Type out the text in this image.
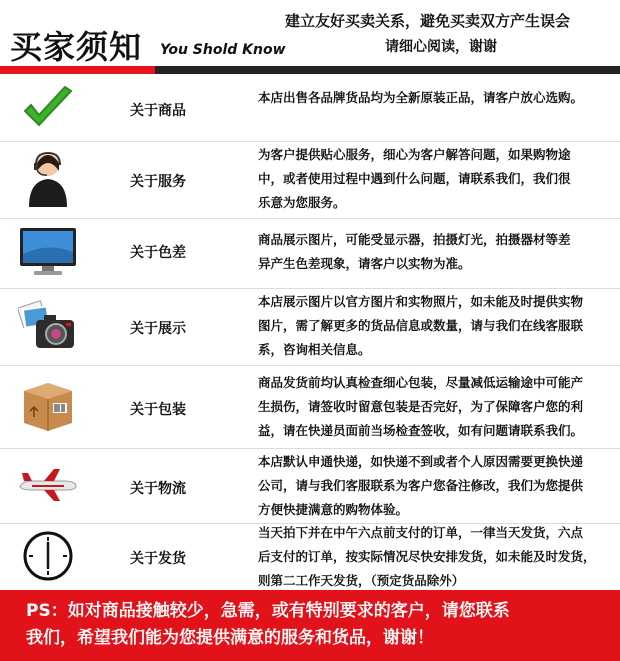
买家须知 You Shold Know
建立友好买卖关系，避免买卖双方产生误会
请细心阅读，谢谢
关于商品
本店出售各品牌货品均为全新原装正品，请客户放心选购。
关于服务
为客户提供贴心服务，细心为客户解答问题，如果购物途
中，或者使用过程中遇到什么问题，请联系我们，我们很
乐意为您服务。
关于色差
商品展示图片，可能受显示器，拍摄灯光，拍摄器材等差
异产生色差现象，请客户以实物为准。
关于展示
本店展示图片以官方图片和实物照片，如未能及时提供实物
图片，需了解更多的货品信息或数量，请与我们在线客服联
系，咨询相关信息。
关于包装
商品发货前均认真检查细心包装，尽量减低运输途中可能产
生损伤，请签收时留意包装是否完好，为了保障客户您的利
益，请在快递员面前当场检查签收，如有问题请联系我们。
关于物流
本店默认申通快递，如快递不到或者个人原因需要更换快递
公司，请与我们客服联系为客户您备注修改，我们为您提供
方便快捷满意的购物体验。
关于发货
当天拍下并在中午六点前支付的订单，一律当天发货，六点
后支付的订单，按实际情况尽快安排发货，如未能及时发货，
则第二工作天发货，（预定货品除外）
PS：如对商品接触较少，急需，或有特别要求的客户，请您联系
我们，希望我们能为您提供满意的服务和货品，谢谢！
